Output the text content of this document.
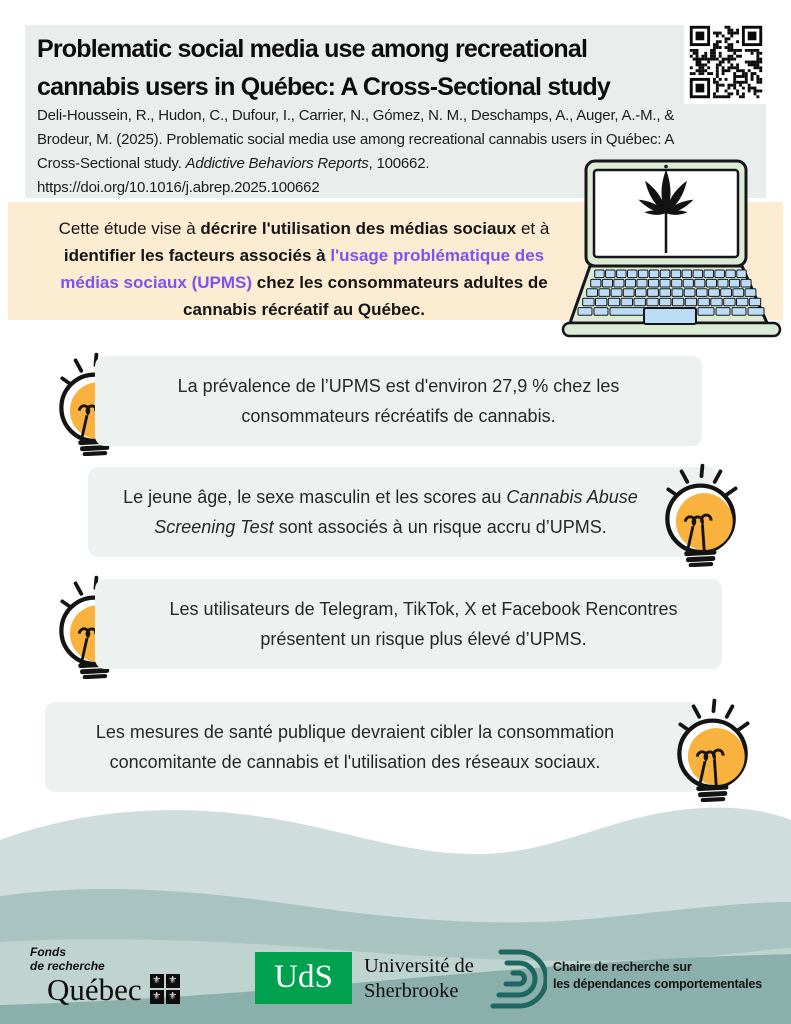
Problematic social media use among recreational
cannabis users in Québec: A Cross-Sectional study
Deli-Houssein, R., Hudon, C., Dufour, I., Carrier, N., Gómez, N. M., Deschamps, A., Auger, A.-M., &
Brodeur, M. (2025). Problematic social media use among recreational cannabis users in Québec: A
Cross-Sectional study. Addictive Behaviors Reports, 100662.
https://doi.org/10.1016/j.abrep.2025.100662
Cette étude vise à décrire l'utilisation des médias sociaux et à
identifier les facteurs associés à l'usage problématique des
médias sociaux (UPMS) chez les consommateurs adultes de
cannabis récréatif au Québec.
La prévalence de l’UPMS est d'environ 27,9 % chez les
consommateurs récréatifs de cannabis.
Le jeune âge, le sexe masculin et les scores au Cannabis Abuse
Screening Test sont associés à un risque accru d’UPMS.
Les utilisateurs de Telegram, TikTok, X et Facebook Rencontres
présentent un risque plus élevé d’UPMS.
Les mesures de santé publique devraient cibler la consommation
concomitante de cannabis et l'utilisation des réseaux sociaux.
Fonds
de recherche
Québec ⚜ ⚜
⚜ ⚜
UdS	Université de
Sherbrooke
Chaire de recherche sur
les dépendances comportementales
